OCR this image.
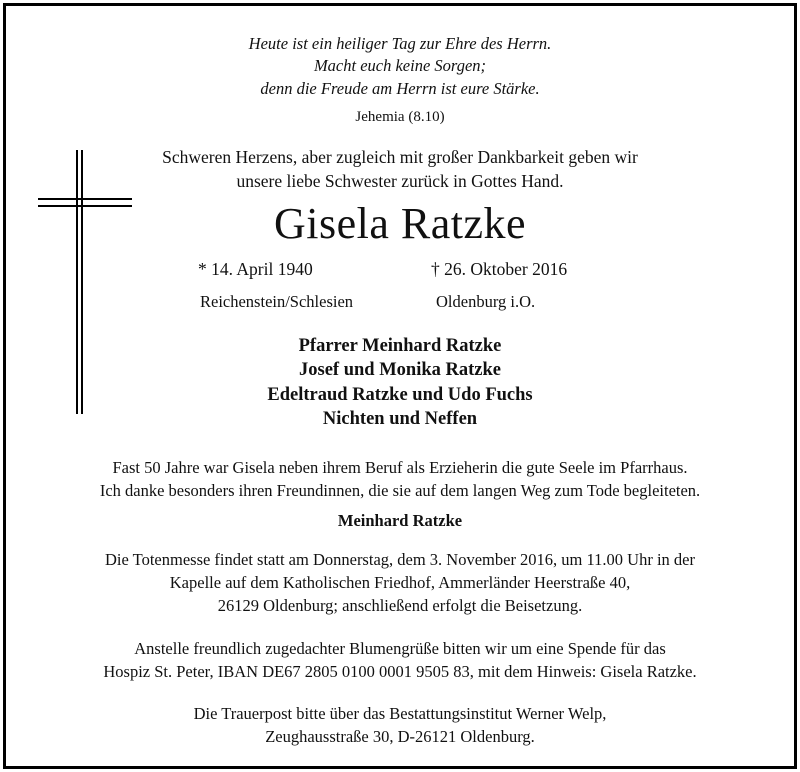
Heute ist ein heiliger Tag zur Ehre des Herrn.
Macht euch keine Sorgen;
denn die Freude am Herrn ist eure Stärke.
Jehemia (8.10)
Schweren Herzens, aber zugleich mit großer Dankbarkeit geben wir
unsere liebe Schwester zurück in Gottes Hand.
Gisela Ratzke
* 14. April 1940	† 26. Oktober 2016
Reichenstein/Schlesien	Oldenburg i.O.
Pfarrer Meinhard Ratzke
Josef und Monika Ratzke
Edeltraud Ratzke und Udo Fuchs
Nichten und Neffen
Fast 50 Jahre war Gisela neben ihrem Beruf als Erzieherin die gute Seele im Pfarrhaus.
Ich danke besonders ihren Freundinnen, die sie auf dem langen Weg zum Tode begleiteten.
Meinhard Ratzke
Die Totenmesse findet statt am Donnerstag, dem 3. November 2016, um 11.00 Uhr in der
Kapelle auf dem Katholischen Friedhof, Ammerländer Heerstraße 40,
26129 Oldenburg; anschließend erfolgt die Beisetzung.
Anstelle freundlich zugedachter Blumengrüße bitten wir um eine Spende für das
Hospiz St. Peter, IBAN DE67 2805 0100 0001 9505 83, mit dem Hinweis: Gisela Ratzke.
Die Trauerpost bitte über das Bestattungsinstitut Werner Welp,
Zeughausstraße 30, D-26121 Oldenburg.
